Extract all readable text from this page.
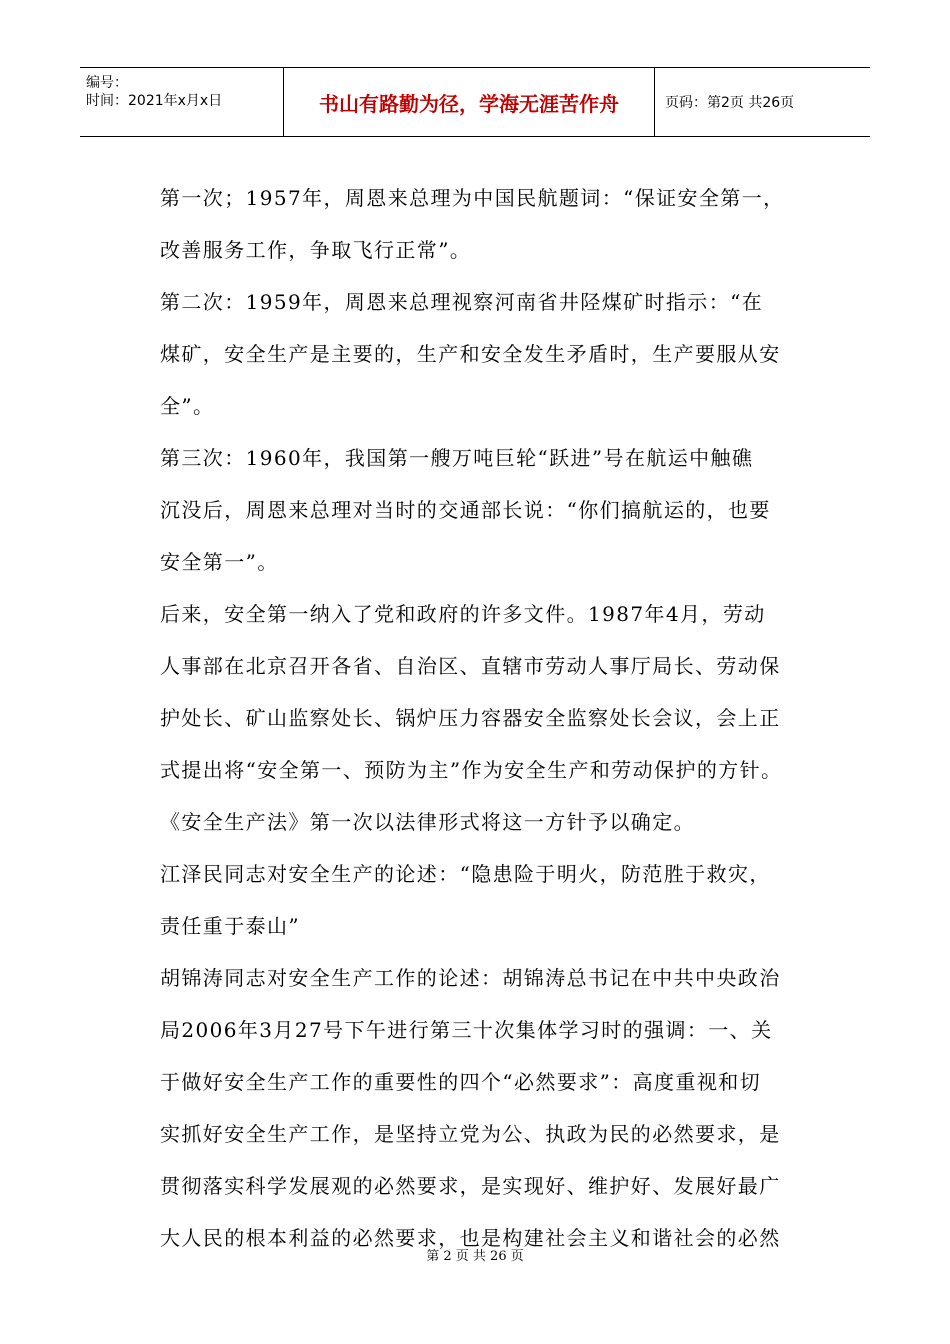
编号：
时间：2021年x月x日	书山有路勤为径，学海无涯苦作舟	页码：第2页 共26页
第一次；1957年，周恩来总理为中国民航题词：“保证安全第一，
改善服务工作，争取飞行正常”。
第二次：1959年，周恩来总理视察河南省井陉煤矿时指示：“在
煤矿，安全生产是主要的，生产和安全发生矛盾时，生产要服从安
全”。
第三次：1960年，我国第一艘万吨巨轮“跃进”号在航运中触礁
沉没后，周恩来总理对当时的交通部长说：“你们搞航运的，也要
安全第一”。
后来，安全第一纳入了党和政府的许多文件。1987年4月，劳动
人事部在北京召开各省、自治区、直辖市劳动人事厅局长、劳动保
护处长、矿山监察处长、锅炉压力容器安全监察处长会议，会上正
式提出将“安全第一、预防为主”作为安全生产和劳动保护的方针。
《安全生产法》第一次以法律形式将这一方针予以确定。
江泽民同志对安全生产的论述：“隐患险于明火，防范胜于救灾，
责任重于泰山”
胡锦涛同志对安全生产工作的论述：胡锦涛总书记在中共中央政治
局2006年3月27号下午进行第三十次集体学习时的强调：一、关
于做好安全生产工作的重要性的四个“必然要求”：高度重视和切
实抓好安全生产工作，是坚持立党为公、执政为民的必然要求，是
贯彻落实科学发展观的必然要求，是实现好、维护好、发展好最广
大人民的根本利益的必然要求，也是构建社会主义和谐社会的必然
第 2 页 共 26 页
